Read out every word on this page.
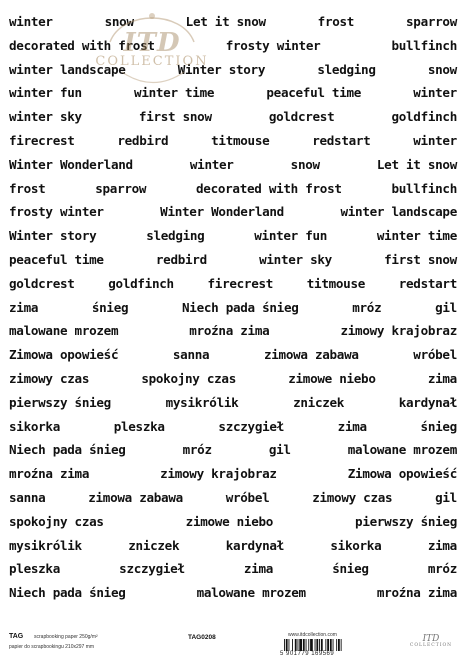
winter	snow	Let it snow	frost	sparrow
decorated with frost	frosty winter	bullfinch
winter landscape	Winter story	sledging	snow
winter fun	winter time	peaceful time	winter
winter sky	first snow	goldcrest	goldfinch
firecrest	redbird	titmouse	redstart	winter
Winter Wonderland	winter	snow	Let it snow
frost	sparrow	decorated with frost	bullfinch
frosty winter	Winter Wonderland	winter landscape
Winter story	sledging	winter fun	winter time
peaceful time	redbird	winter sky	first snow
goldcrest	goldfinch	firecrest	titmouse	redstart
zima	śnieg	Niech pada śnieg	mróz	gil
malowane mrozem	mroźna zima	zimowy krajobraz
Zimowa opowieść	sanna	zimowa zabawa	wróbel
zimowy czas	spokojny czas	zimowe niebo	zima
pierwszy śnieg	mysikrólik	zniczek	kardynał
sikorka	pleszka	szczygieł	zima	śnieg
Niech pada śnieg	mróz	gil	malowane mrozem
mroźna zima	zimowy krajobraz	Zimowa opowieść
sanna	zimowa zabawa	wróbel	zimowy czas	gil
spokojny czas	zimowe niebo	pierwszy śnieg
mysikrólik	zniczek	kardynał	sikorka	zima
pleszka	szczygieł	zima	śnieg	mróz
Niech pada śnieg	malowane mrozem	mroźna zima
ITD
COLLECTION
TAG scrapbooking paper 250g/m²
papier do scrapbookingu 210x297 mm
TAG0208	www.itdcollection.com
5 901779 169569
ITD
COLLECTION
